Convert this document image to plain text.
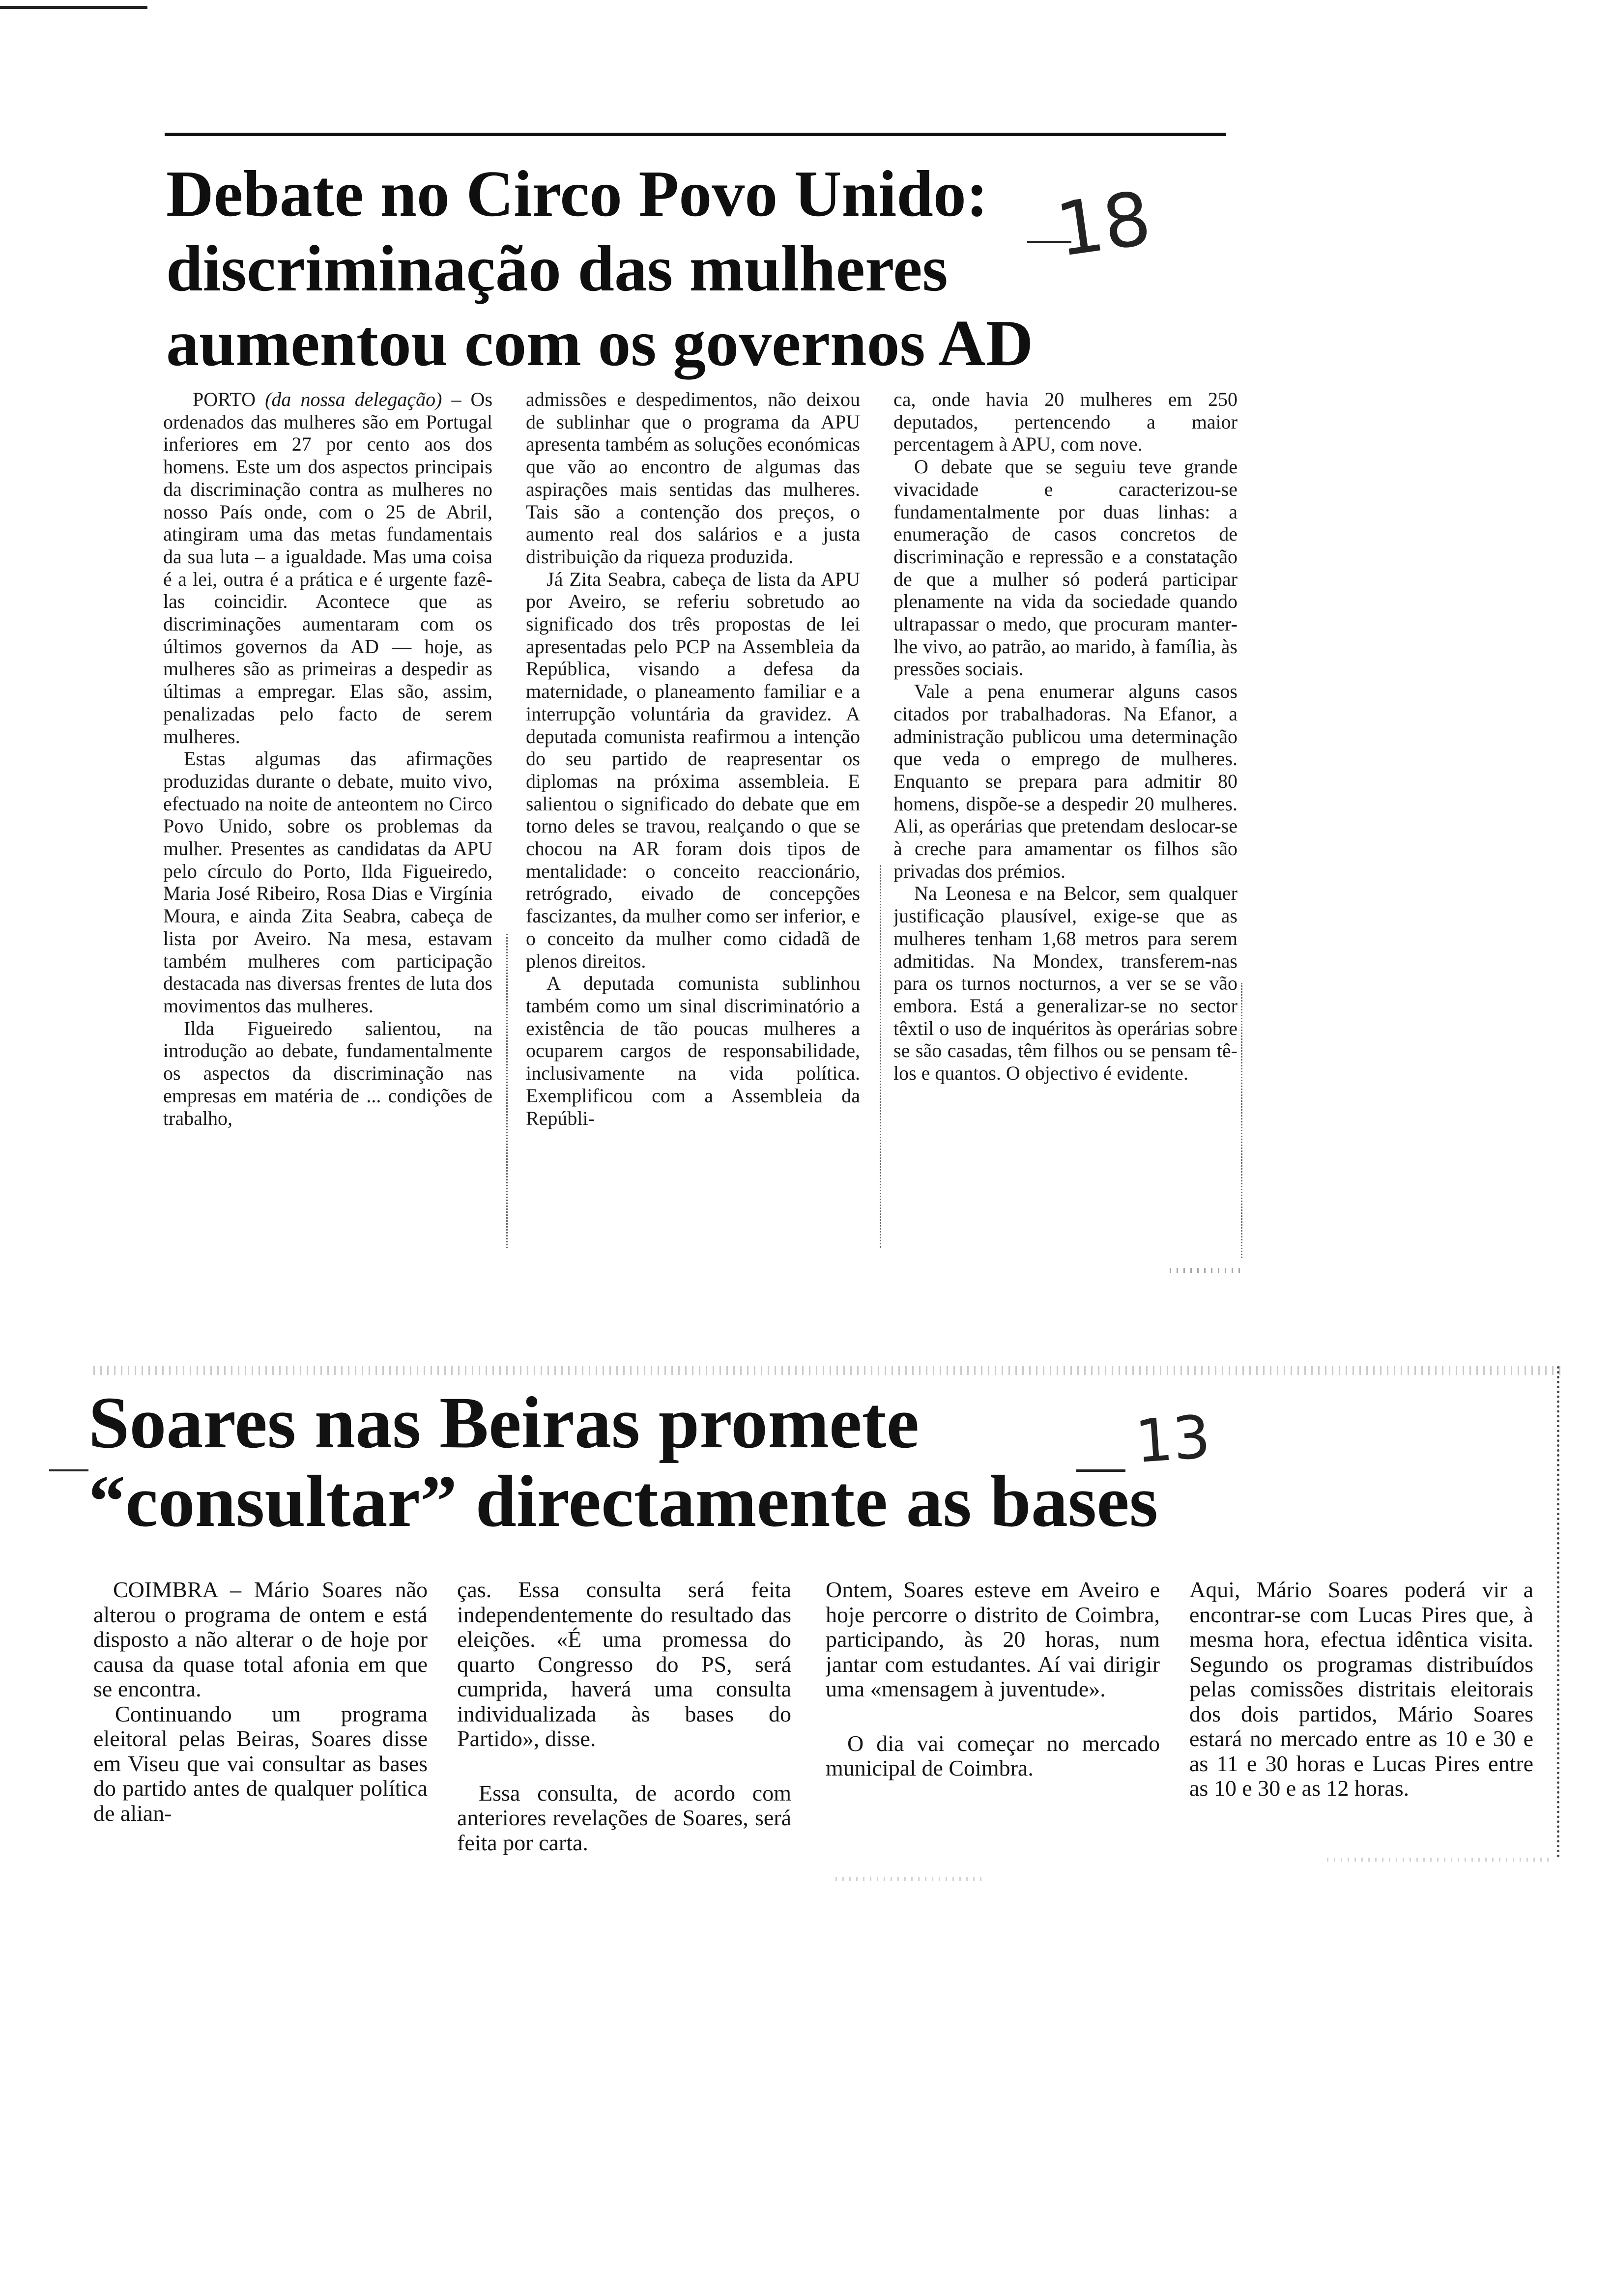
Debate no Circo Povo Unido:
discriminação das mulheres
aumentou com os governos AD
18

PORTO (da nossa delegação) – Os ordenados das mulheres são em Portugal inferiores em 27 por cento aos dos homens. Este um dos aspectos principais da discriminação contra as mulheres no nosso País onde, com o 25 de Abril, atingiram uma das metas fundamentais da sua luta – a igualdade. Mas uma coisa é a lei, outra é a prática e é urgente fazê-las coincidir. Acontece que as discriminações aumentaram com os últimos governos da AD — hoje, as mulheres são as primeiras a despedir as últimas a empregar. Elas são, assim, penalizadas pelo facto de serem mulheres.

Estas algumas das afirmações produzidas durante o debate, muito vivo, efectuado na noite de anteontem no Circo Povo Unido, sobre os problemas da mulher. Presentes as candidatas da APU pelo círculo do Porto, Ilda Figueiredo, Maria José Ribeiro, Rosa Dias e Virgínia Moura, e ainda Zita Seabra, cabeça de lista por Aveiro. Na mesa, estavam também mulheres com participação destacada nas diversas frentes de luta dos movimentos das mulheres.

Ilda Figueiredo salientou, na introdução ao debate, fundamentalmente os aspectos da discriminação nas empresas em matéria de ... condições de trabalho,

admissões e despedimentos, não deixou de sublinhar que o programa da APU apresenta também as soluções económicas que vão ao encontro de algumas das aspirações mais sentidas das mulheres. Tais são a contenção dos preços, o aumento real dos salários e a justa distribuição da riqueza produzida.

Já Zita Seabra, cabeça de lista da APU por Aveiro, se referiu sobretudo ao significado dos três propostas de lei apresentadas pelo PCP na Assembleia da República, visando a defesa da maternidade, o planeamento familiar e a interrupção voluntária da gravidez. A deputada comunista reafirmou a intenção do seu partido de reapresentar os diplomas na próxima assembleia. E salientou o significado do debate que em torno deles se travou, realçando o que se chocou na AR foram dois tipos de mentalidade: o conceito reaccionário, retrógrado, eivado de concepções fascizantes, da mulher como ser inferior, e o conceito da mulher como cidadã de plenos direitos.

A deputada comunista sublinhou também como um sinal discriminatório a existência de tão poucas mulheres a ocuparem cargos de responsabilidade, inclusivamente na vida política. Exemplificou com a Assembleia da Repúbli-

ca, onde havia 20 mulheres em 250 deputados, pertencendo a maior percentagem à APU, com nove.

O debate que se seguiu teve grande vivacidade e caracterizou-se fundamentalmente por duas linhas: a enumeração de casos concretos de discriminação e repressão e a constatação de que a mulher só poderá participar plenamente na vida da sociedade quando ultrapassar o medo, que procuram manter-lhe vivo, ao patrão, ao marido, à família, às pressões sociais.

Vale a pena enumerar alguns casos citados por trabalhadoras. Na Efanor, a administração publicou uma determinação que veda o emprego de mulheres. Enquanto se prepara para admitir 80 homens, dispõe-se a despedir 20 mulheres. Ali, as operárias que pretendam deslocar-se à creche para amamentar os filhos são privadas dos prémios.

Na Leonesa e na Belcor, sem qualquer justificação plausível, exige-se que as mulheres tenham 1,68 metros para serem admitidas. Na Mondex, transferem-nas para os turnos nocturnos, a ver se se vão embora. Está a generalizar-se no sector têxtil o uso de inquéritos às operárias sobre se são casadas, têm filhos ou se pensam tê-los e quantos. O objectivo é evidente.

Soares nas Beiras promete
“consultar” directamente as bases
13

COIMBRA – Mário Soares não alterou o programa de ontem e está disposto a não alterar o de hoje por causa da quase total afonia em que se encontra.

Continuando um programa eleitoral pelas Beiras, Soares disse em Viseu que vai consultar as bases do partido antes de qualquer política de alian-

ças. Essa consulta será feita independentemente do resultado das eleições. «É uma promessa do quarto Congresso do PS, será cumprida, haverá uma consulta individualizada às bases do Partido», disse.

Essa consulta, de acordo com anteriores revelações de Soares, será feita por carta.

Ontem, Soares esteve em Aveiro e hoje percorre o distrito de Coimbra, participando, às 20 horas, num jantar com estudantes. Aí vai dirigir uma «mensagem à juventude».

O dia vai começar no mercado municipal de Coimbra.

Aqui, Mário Soares poderá vir a encontrar-se com Lucas Pires que, à mesma hora, efectua idêntica visita. Segundo os programas distribuídos pelas comissões distritais eleitorais dos dois partidos, Mário Soares estará no mercado entre as 10 e 30 e as 11 e 30 horas e Lucas Pires entre as 10 e 30 e as 12 horas.
